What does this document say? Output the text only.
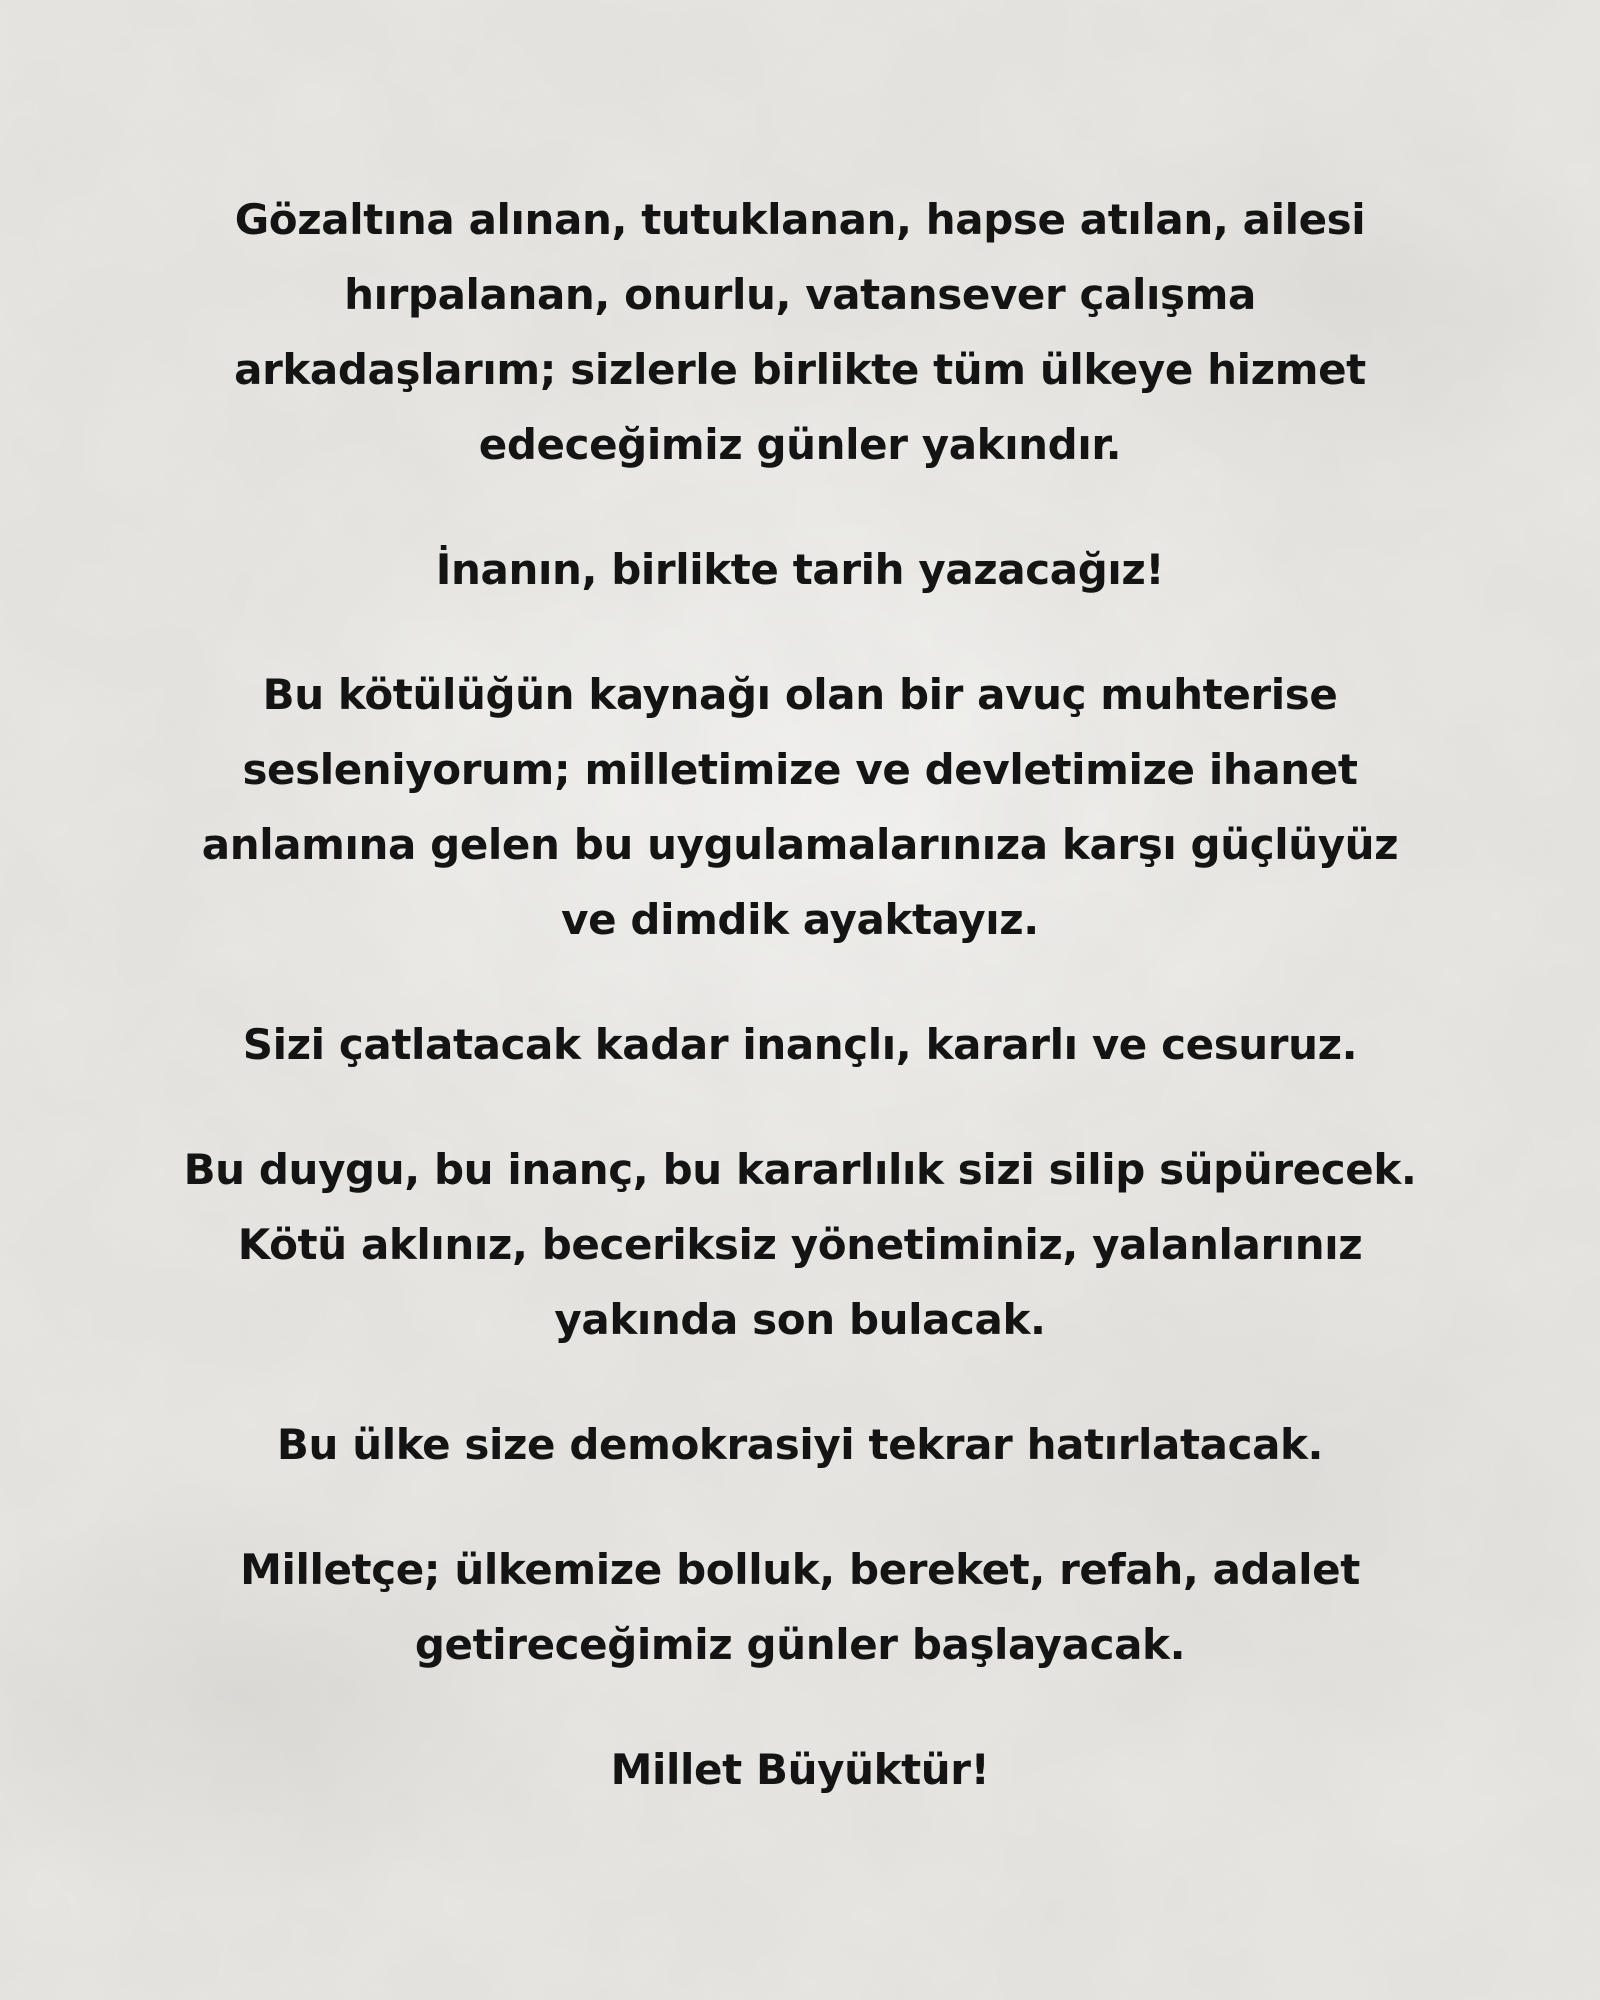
Gözaltına alınan, tutuklanan, hapse atılan, ailesi
hırpalanan, onurlu, vatansever çalışma
arkadaşlarım; sizlerle birlikte tüm ülkeye hizmet
edeceğimiz günler yakındır.

İnanın, birlikte tarih yazacağız!

Bu kötülüğün kaynağı olan bir avuç muhterise
sesleniyorum; milletimize ve devletimize ihanet
anlamına gelen bu uygulamalarınıza karşı güçlüyüz
ve dimdik ayaktayız.

Sizi çatlatacak kadar inançlı, kararlı ve cesuruz.

Bu duygu, bu inanç, bu kararlılık sizi silip süpürecek.
Kötü aklınız, beceriksiz yönetiminiz, yalanlarınız
yakında son bulacak.

Bu ülke size demokrasiyi tekrar hatırlatacak.

Milletçe; ülkemize bolluk, bereket, refah, adalet
getireceğimiz günler başlayacak.

Millet Büyüktür!
